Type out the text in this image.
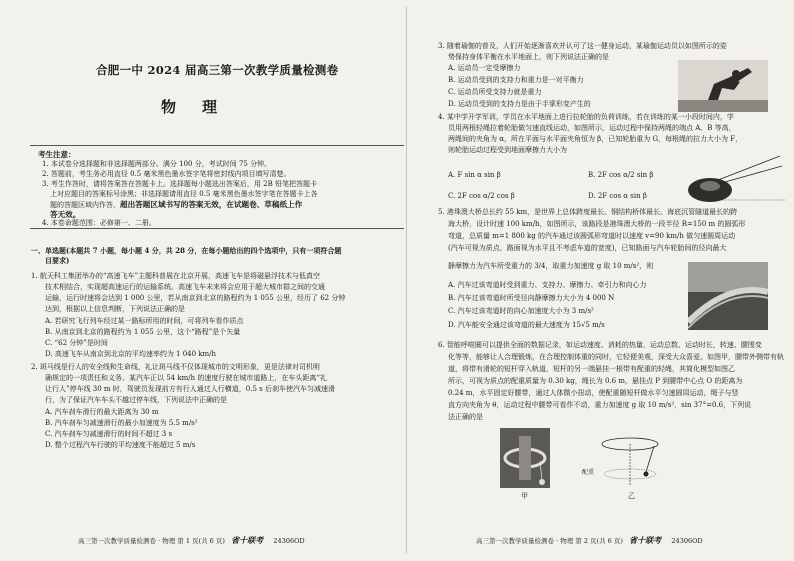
合肥一中 2024 届高三第一次教学质量检测卷
物理
考生注意：
1. 本试卷分选择题和非选择题两部分。满分 100 分，考试时间 75 分钟。
2. 答题前，考生务必用直径 0.5 毫米黑色墨水签字笔将密封线内项目填写清楚。
3. 考生作答时，请将答案答在答题卡上。选择题每小题选出答案后，用 2B 铅笔把答题卡
上对应题目的答案标号涂黑；非选择题请用直径 0.5 毫米黑色墨水签字笔在答题卡上各
题的答题区域内作答，超出答题区域书写的答案无效，在试题卷、草稿纸上作
答无效。
4. 本卷命题范围：必修第一、二册。
一、单选题(本题共 7 小题，每小题 4 分，共 28 分，在每小题给出的四个选项中，只有一项符合题
目要求)
1. 航天科工集团举办的“高速飞车”主题科普展在北京开展，高速飞车是将磁悬浮技术与低真空
技术相结合，实现超高速运行的运输系统。高速飞车未来将会应用于超大城市群之间的交通
运输，运行时速将会达到 1 000 公里，若从南京到北京的路程约为 1 055 公里，经历了 62 分钟
达到，根据以上信息判断，下列说法正确的是
A. 若研究飞行列车经过某一路标所用的时间，可将列车看作质点
B. 从南京到北京的路程约为 1 055 公里，这个“路程”是个矢量
C. “62 分钟”是时间
D. 高速飞车从南京到北京的平均速率约为 1 040 km/h
2. 斑马线是行人的安全线和生命线，礼让斑马线不仅体现城市的文明形象，更是法律对司机明
确规定的一项责任和义务。某汽车正以 54 km/h 的速度行驶在城市道路上，在车头距离“礼
让行人”停车线 30 m 时，驾驶员发现前方有行人通过人行横道，0.5 s 后刹车使汽车匀减速滑
行，为了保证汽车车头不越过停车线，下列说法中正确的是
A. 汽车刹车滑行的最大距离为 30 m
B. 汽车刹车匀减速滑行的最小加速度为 5.5 m/s²
C. 汽车刹车匀减速滑行的时间不超过 3 s
D. 整个过程汽车行驶的平均速度不能超过 5 m/s
高三第一次教学质量检测卷 · 物理 第 1 页(共 6 页) 省十联考 24306OD
3. 随着瑜伽的普及，人们开始逐渐喜欢并认可了这一健身运动，某瑜伽运动员以如图所示的姿
势保持身体平衡在水平地面上，则下列说法正确的是
A. 运动员一定受摩擦力
B. 运动员受到的支持力和重力是一对平衡力
C. 运动员所受支持力就是重力
D. 运动员受到的支持力是由于手掌形变产生的
4. 某中学开学军训，学员在水平地面上进行拉轮胎的负荷训练，若在训练的某一小段时间内，学
员用两根轻绳拉着轮胎做匀速直线运动，如图所示，运动过程中保持两绳的端点 A、B 等高，
两绳间的夹角为 α，所在平面与水平面夹角恒为 β，已知轮胎重为 G，每根绳的拉力大小为 F，
则轮胎运动过程受到地面摩擦力大小为
A. F sin α sin β
C. 2F cos α/2 cos β
B. 2F cos α/2 sin β
D. 2F cos α sin β
5. 港珠澳大桥总长约 55 km，是世界上总体跨度最长、钢结构桥体最长、海底沉管隧道最长的跨
海大桥，设计时速 100 km/h，如图所示，该路段是港珠澳大桥的一段半径 R=150 m 的圆弧形
弯道，总质量 m=1 800 kg 的汽车通过该圆弧形弯道时以速度 v=90 km/h 做匀速圆周运动
(汽车可视为质点，路面视为水平且不考虑车道的宽度)，已知路面与汽车轮胎间的径向最大
静摩擦力为汽车所受重力的 3/4，取重力加速度 g 取 10 m/s²，则
A. 汽车过该弯道时受到重力、支持力、摩擦力、牵引力和向心力
B. 汽车过该弯道时所受径向静摩擦力大小为 4 000 N
C. 汽车过该弯道时的向心加速度大小为 3 m/s²
D. 汽车能安全通过该弯道的最大速度为 15√5 m/s
6. 智能呼啦圈可以提供全面的数据记录，如运动速度、消耗的热量、运动总数、运动时长，转速、腰围变
化等等，能够让人合理锻炼，在合理控制体重的同时，它轻便美观，深受大众喜爱。如图甲，腰带外侧带有轨
道，将带有滑轮的短杆穿入轨道，短杆的另一端悬挂一根带有配重的轻绳，其简化模型如图乙
所示，可视为质点的配重质量为 0.30 kg，绳长为 0.6 m，悬挂点 P 到腰带中心点 O 的距离为
0.24 m，水平固定好腰带，通过人体微小扭动，使配重随短杆做水平匀速圆周运动，绳子与竖
直方向夹角为 θ，运动过程中腰带可看作不动，重力加速度 g 取 10 m/s²，sin 37°=0.6，下列说
法正确的是
甲
配重
乙
高三第一次教学质量检测卷 · 物理 第 2 页(共 6 页) 省十联考 24306OD
